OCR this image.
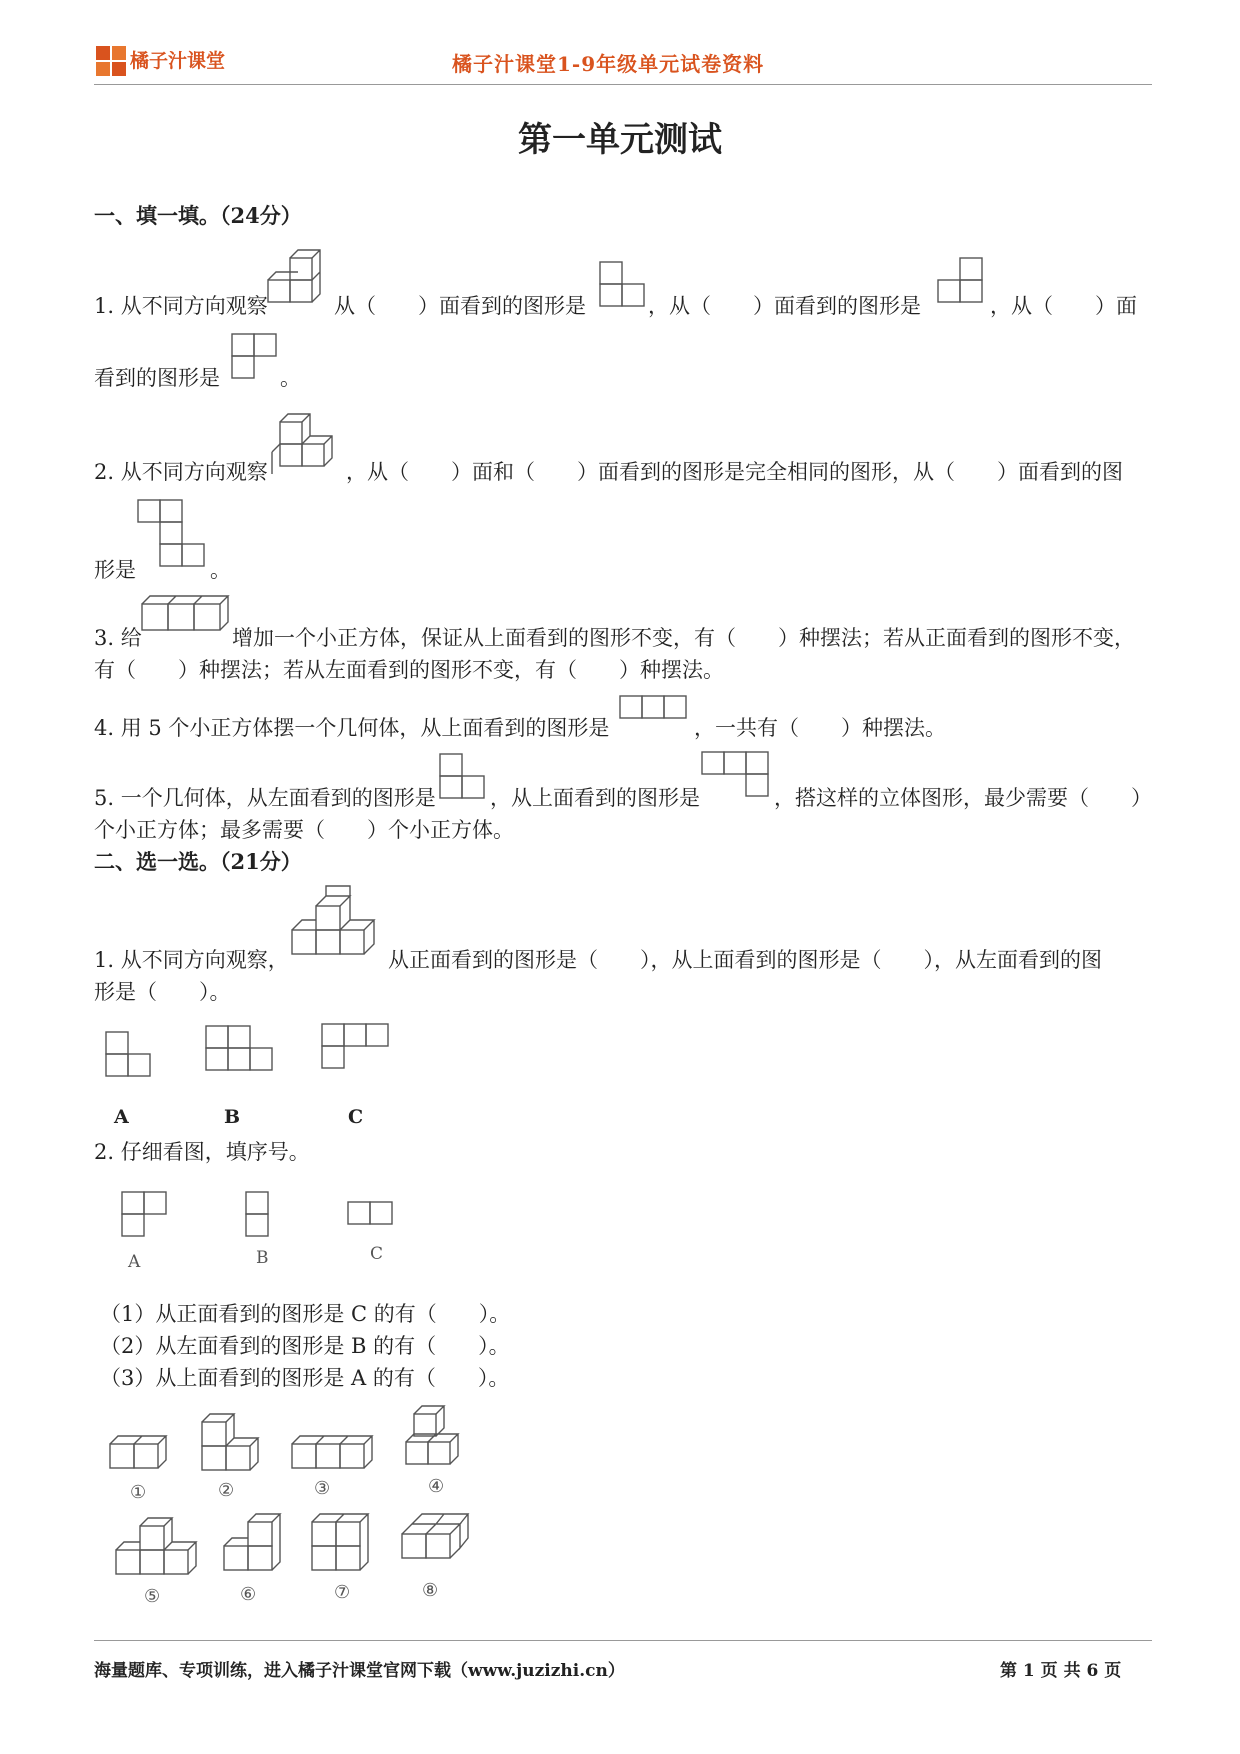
橘子汁课堂	橘子汁课堂1-9年级单元试卷资料
第一单元测试
一、填一填。（24分）
1. 从不同方向观察	从（　　）面看到的图形是	，从（　　）面看到的图形是	，从（　　）面
看到的图形是	。
2. 从不同方向观察	，从（　　）面和（　　）面看到的图形是完全相同的图形，从（　　）面看到的图
形是	。
3. 给	增加一个小正方体，保证从上面看到的图形不变，有（　　）种摆法；若从正面看到的图形不变，
有（　　）种摆法；若从左面看到的图形不变，有（　　）种摆法。
4. 用 5 个小正方体摆一个几何体，从上面看到的图形是	，一共有（　　）种摆法。
5. 一个几何体，从左面看到的图形是	，从上面看到的图形是	，搭这样的立体图形，最少需要（　　）
个小正方体；最多需要（　　）个小正方体。
二、选一选。（21分）
1. 从不同方向观察，	从正面看到的图形是（　　），从上面看到的图形是（　　），从左面看到的图
形是（　　）。
A	B	C
2. 仔细看图，填序号。
A	B	C
（1）从正面看到的图形是 C 的有（　　）。
（2）从左面看到的图形是 B 的有（　　）。
（3）从上面看到的图形是 A 的有（　　）。
①	②	③	④
⑤	⑥	⑦	⑧
海量题库、专项训练，进入橘子汁课堂官网下载（www.juzizhi.cn）	第 1 页 共 6 页
